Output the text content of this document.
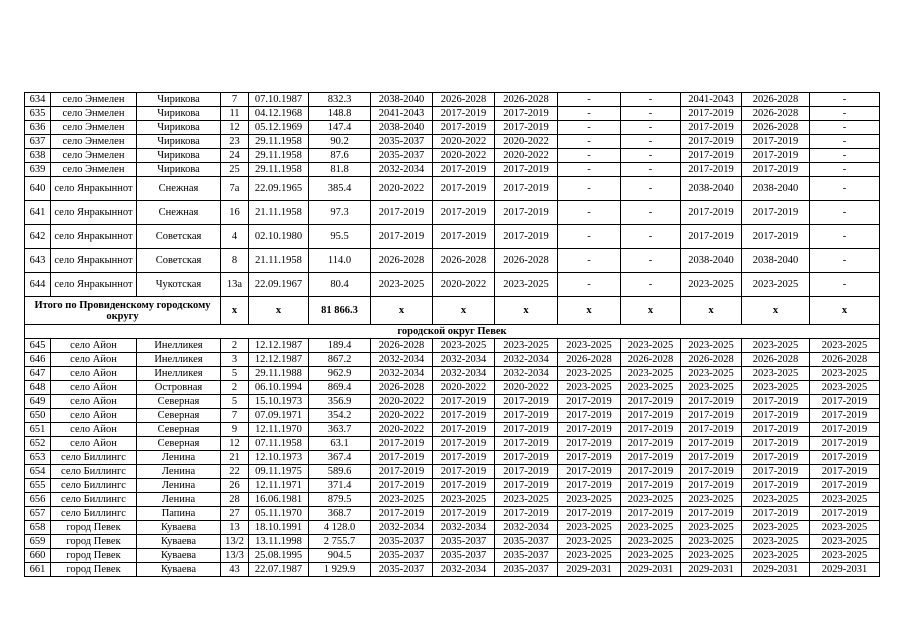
634	село Энмелен	Чирикова	7	07.10.1987	832.3	2038-2040	2026-2028	2026-2028	-	-	2041-2043	2026-2028	-
635	село Энмелен	Чирикова	11	04.12.1968	148.8	2041-2043	2017-2019	2017-2019	-	-	2017-2019	2026-2028	-
636	село Энмелен	Чирикова	12	05.12.1969	147.4	2038-2040	2017-2019	2017-2019	-	-	2017-2019	2026-2028	-
637	село Энмелен	Чирикова	23	29.11.1958	90.2	2035-2037	2020-2022	2020-2022	-	-	2017-2019	2017-2019	-
638	село Энмелен	Чирикова	24	29.11.1958	87.6	2035-2037	2020-2022	2020-2022	-	-	2017-2019	2017-2019	-
639	село Энмелен	Чирикова	25	29.11.1958	81.8	2032-2034	2017-2019	2017-2019	-	-	2017-2019	2017-2019	-
640	село Янракыннот	Снежная	7а	22.09.1965	385.4	2020-2022	2017-2019	2017-2019	-	-	2038-2040	2038-2040	-
641	село Янракыннот	Снежная	16	21.11.1958	97.3	2017-2019	2017-2019	2017-2019	-	-	2017-2019	2017-2019	-
642	село Янракыннот	Советская	4	02.10.1980	95.5	2017-2019	2017-2019	2017-2019	-	-	2017-2019	2017-2019	-
643	село Янракыннот	Советская	8	21.11.1958	114.0	2026-2028	2026-2028	2026-2028	-	-	2038-2040	2038-2040	-
644	село Янракыннот	Чукотская	13а	22.09.1967	80.4	2023-2025	2020-2022	2023-2025	-	-	2023-2025	2023-2025	-
Итого по Провиденскому городскому округу			x	x	81 866.3	x	x	x	x	x	x	x	x
городской округ Певек													
645	село Айон	Инелликея	2	12.12.1987	189.4	2026-2028	2023-2025	2023-2025	2023-2025	2023-2025	2023-2025	2023-2025	2023-2025
646	село Айон	Инелликея	3	12.12.1987	867.2	2032-2034	2032-2034	2032-2034	2026-2028	2026-2028	2026-2028	2026-2028	2026-2028
647	село Айон	Инелликея	5	29.11.1988	962.9	2032-2034	2032-2034	2032-2034	2023-2025	2023-2025	2023-2025	2023-2025	2023-2025
648	село Айон	Островная	2	06.10.1994	869.4	2026-2028	2020-2022	2020-2022	2023-2025	2023-2025	2023-2025	2023-2025	2023-2025
649	село Айон	Северная	5	15.10.1973	356.9	2020-2022	2017-2019	2017-2019	2017-2019	2017-2019	2017-2019	2017-2019	2017-2019
650	село Айон	Северная	7	07.09.1971	354.2	2020-2022	2017-2019	2017-2019	2017-2019	2017-2019	2017-2019	2017-2019	2017-2019
651	село Айон	Северная	9	12.11.1970	363.7	2020-2022	2017-2019	2017-2019	2017-2019	2017-2019	2017-2019	2017-2019	2017-2019
652	село Айон	Северная	12	07.11.1958	63.1	2017-2019	2017-2019	2017-2019	2017-2019	2017-2019	2017-2019	2017-2019	2017-2019
653	село Биллингс	Ленина	21	12.10.1973	367.4	2017-2019	2017-2019	2017-2019	2017-2019	2017-2019	2017-2019	2017-2019	2017-2019
654	село Биллингс	Ленина	22	09.11.1975	589.6	2017-2019	2017-2019	2017-2019	2017-2019	2017-2019	2017-2019	2017-2019	2017-2019
655	село Биллингс	Ленина	26	12.11.1971	371.4	2017-2019	2017-2019	2017-2019	2017-2019	2017-2019	2017-2019	2017-2019	2017-2019
656	село Биллингс	Ленина	28	16.06.1981	879.5	2023-2025	2023-2025	2023-2025	2023-2025	2023-2025	2023-2025	2023-2025	2023-2025
657	село Биллингс	Папина	27	05.11.1970	368.7	2017-2019	2017-2019	2017-2019	2017-2019	2017-2019	2017-2019	2017-2019	2017-2019
658	город Певек	Куваева	13	18.10.1991	4 128.0	2032-2034	2032-2034	2032-2034	2023-2025	2023-2025	2023-2025	2023-2025	2023-2025
659	город Певек	Куваева	13/2	13.11.1998	2 755.7	2035-2037	2035-2037	2035-2037	2023-2025	2023-2025	2023-2025	2023-2025	2023-2025
660	город Певек	Куваева	13/3	25.08.1995	904.5	2035-2037	2035-2037	2035-2037	2023-2025	2023-2025	2023-2025	2023-2025	2023-2025
661	город Певек	Куваева	43	22.07.1987	1 929.9	2035-2037	2032-2034	2035-2037	2029-2031	2029-2031	2029-2031	2029-2031	2029-2031
